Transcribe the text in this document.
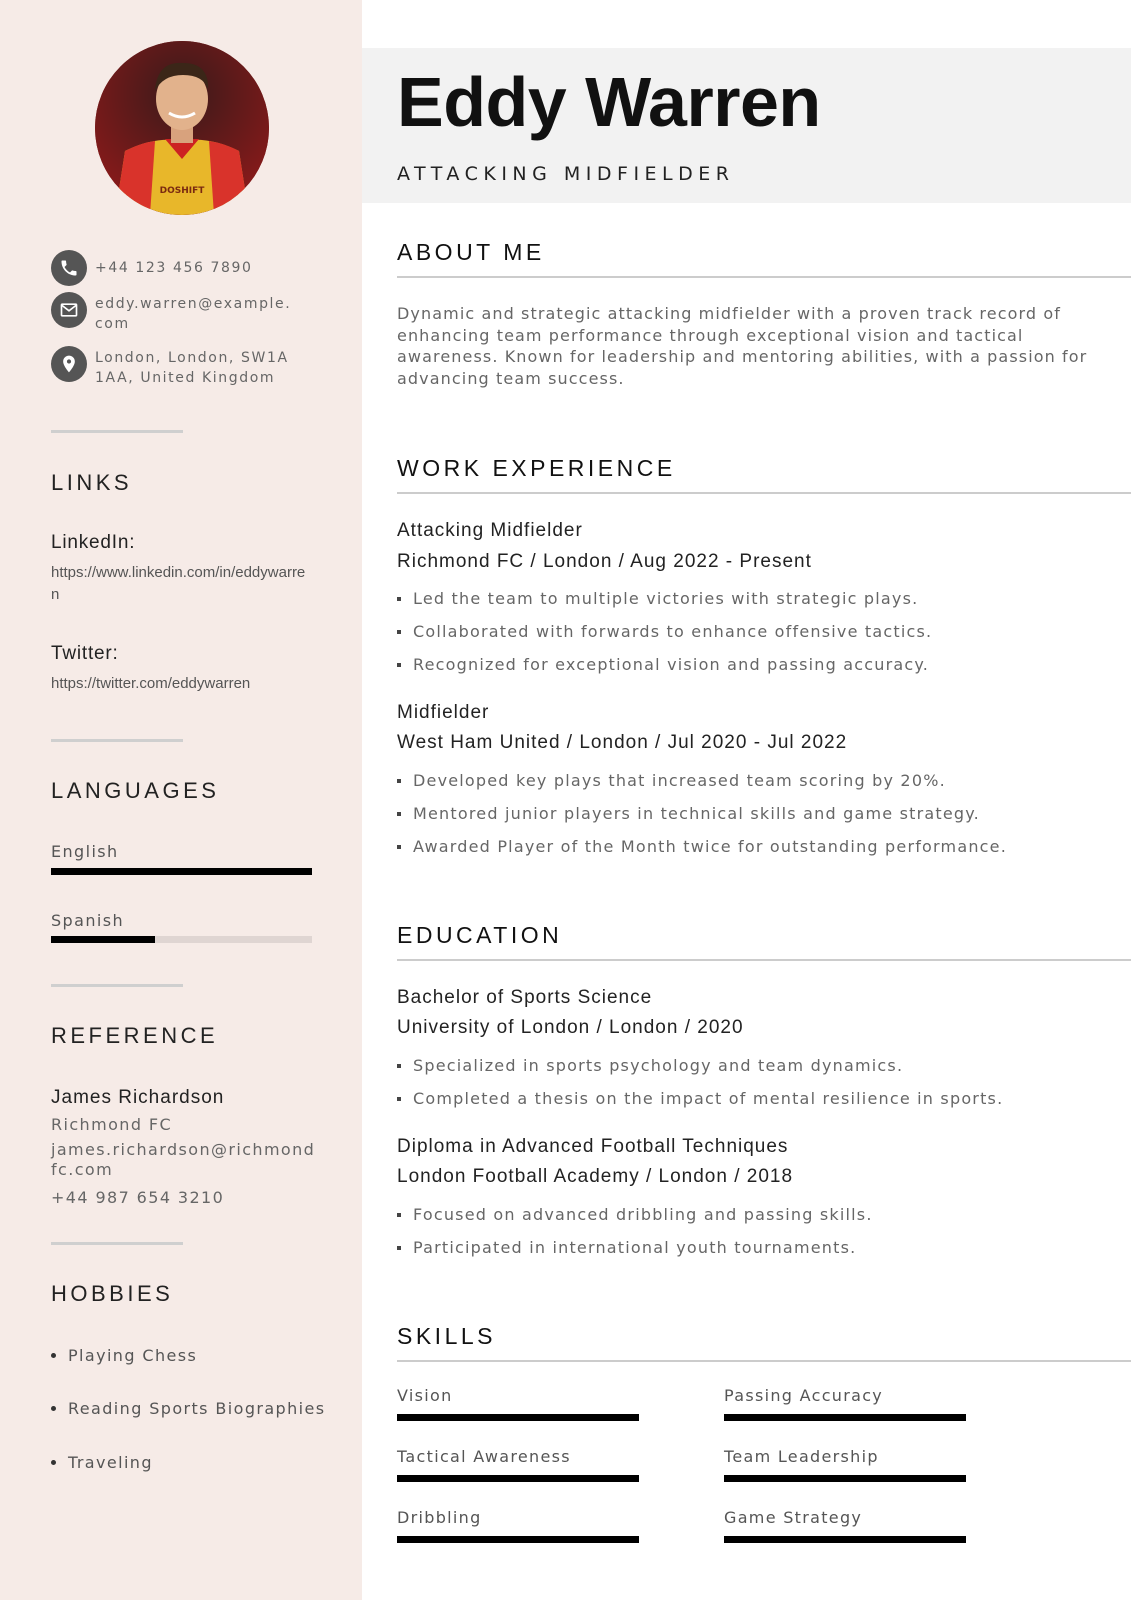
DOSHIFT
+44 123 456 7890
eddy.warren@example.com
London, London, SW1A 1AA, United Kingdom
LINKS
LinkedIn:
https://www.linkedin.com/in/eddywarren
Twitter:
https://twitter.com/eddywarren
LANGUAGES
English
Spanish
REFERENCE
James Richardson
Richmond FC
james.richardson@richmondfc.com
+44 987 654 3210
HOBBIES
Playing Chess
Reading Sports Biographies
Traveling
Eddy Warren
ATTACKING MIDFIELDER
ABOUT ME
Dynamic and strategic attacking midfielder with a proven track record of enhancing team performance through exceptional vision and tactical awareness. Known for leadership and mentoring abilities, with a passion for advancing team success.
WORK EXPERIENCE
Attacking Midfielder
Richmond FC / London / Aug 2022 - Present
Led the team to multiple victories with strategic plays.
Collaborated with forwards to enhance offensive tactics.
Recognized for exceptional vision and passing accuracy.
Midfielder
West Ham United / London / Jul 2020 - Jul 2022
Developed key plays that increased team scoring by 20%.
Mentored junior players in technical skills and game strategy.
Awarded Player of the Month twice for outstanding performance.
EDUCATION
Bachelor of Sports Science
University of London / London / 2020
Specialized in sports psychology and team dynamics.
Completed a thesis on the impact of mental resilience in sports.
Diploma in Advanced Football Techniques
London Football Academy / London / 2018
Focused on advanced dribbling and passing skills.
Participated in international youth tournaments.
SKILLS
Vision	Passing Accuracy
Tactical Awareness	Team Leadership
Dribbling	Game Strategy
